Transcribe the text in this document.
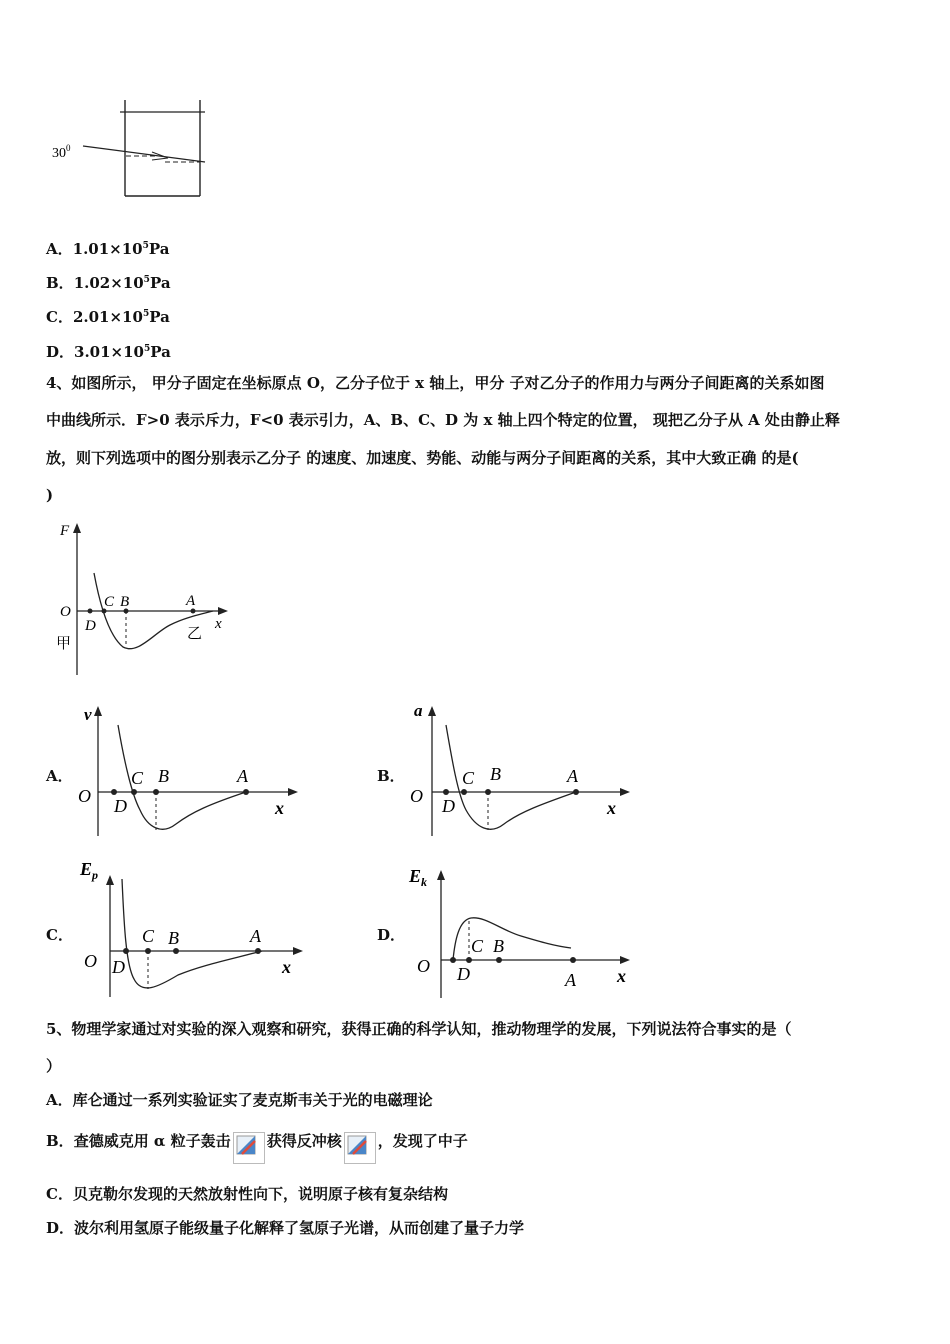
$30^0$
A．$1.01\times 10^5Pa$
B．$1.02\times 10^5Pa$
C．$2.01\times 10^5Pa$
D．$3.01\times 10^5Pa$
4、如图所示， 甲分子固定在坐标原点 O，乙分子位于 x 轴上，甲分 子对乙分子的作用力与两分子间距离的关系如图
中曲线所示．F>0 表示斥力，F<0 表示引力，A、B、C、D 为 x 轴上四个特定的位置， 现把乙分子从 A 处由静止释
放，则下列选项中的图分别表示乙分子 的速度、加速度、势能、动能与两分子间距离的关系，其中大致正确 的是(
)
F
O
D
C B	A
x
甲
乙
A．
v
O D
C B	A
x
B．
a
O D
C B	A
x
C．
$E_p$
O D
C B	A
x
D．
$E_k$
O D
C B
A x
5、物理学家通过对实验的深入观察和研究，获得正确的科学认知，推动物理学的发展，下列说法符合事实的是（
）
A．库仑通过一系列实验证实了麦克斯韦关于光的电磁理论
B．查德威克用 α 粒子轰击 获得反冲核 ，发现了中子
C．贝克勒尔发现的天然放射性向下，说明原子核有复杂结构
D．波尔利用氢原子能级量子化解释了氢原子光谱，从而创建了量子力学
